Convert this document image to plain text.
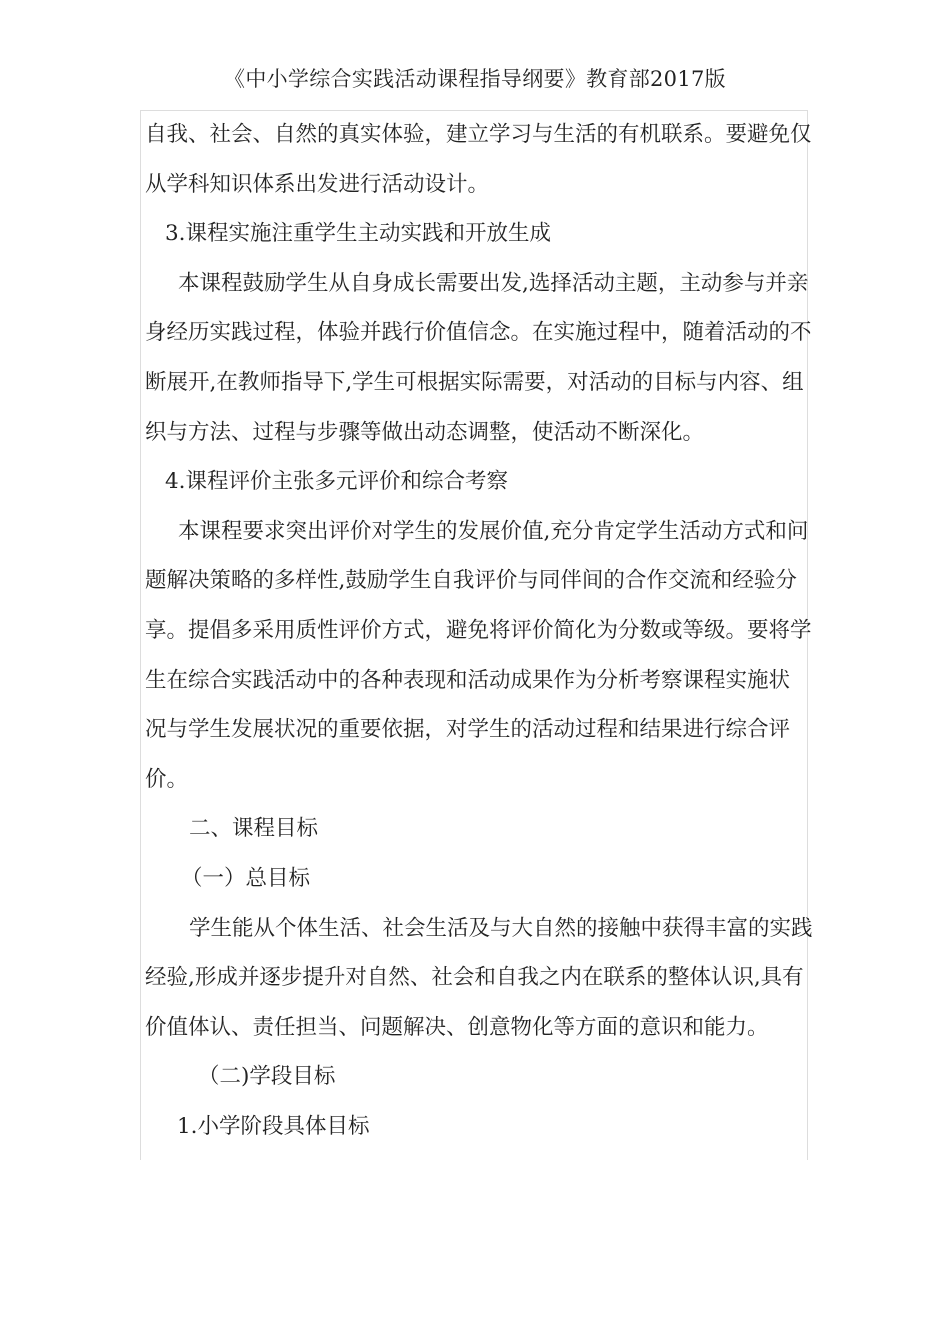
《中小学综合实践活动课程指导纲要》教育部2017版
自我、社会、自然的真实体验，建立学习与生活的有机联系。要避免仅
从学科知识体系出发进行活动设计。
3.课程实施注重学生主动实践和开放生成
本课程鼓励学生从自身成长需要出发,选择活动主题，主动参与并亲
身经历实践过程，体验并践行价值信念。在实施过程中，随着活动的不
断展开,在教师指导下,学生可根据实际需要，对活动的目标与内容、组
织与方法、过程与步骤等做出动态调整，使活动不断深化。
4.课程评价主张多元评价和综合考察
本课程要求突出评价对学生的发展价值,充分肯定学生活动方式和问
题解决策略的多样性,鼓励学生自我评价与同伴间的合作交流和经验分
享。提倡多采用质性评价方式，避免将评价简化为分数或等级。要将学
生在综合实践活动中的各种表现和活动成果作为分析考察课程实施状
况与学生发展状况的重要依据，对学生的活动过程和结果进行综合评
价。
二、课程目标
（一）总目标
学生能从个体生活、社会生活及与大自然的接触中获得丰富的实践
经验,形成并逐步提升对自然、社会和自我之内在联系的整体认识,具有
价值体认、责任担当、问题解决、创意物化等方面的意识和能力。
（二)学段目标
1.小学阶段具体目标
